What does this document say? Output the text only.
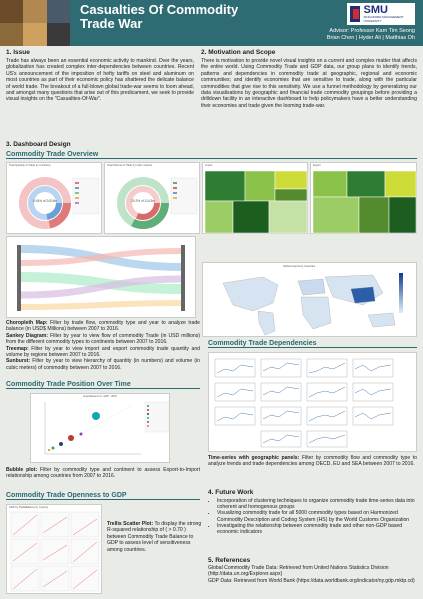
Casualties Of Commodity
Trade War
SMU
SINGAPORE MANAGEMENT UNIVERSITY
Advisor: Professor Kam Tim Seong
Brian Chen | Hyder Ali | Matthias Oh
1. Issue
Trade has always been an essential economic activity to mankind. Over the years, globalization has created complex inter-dependencies between countries. Recent US's announcement of the imposition of hefty tariffs on steel and aluminum on most countries as part of their economic policy has shattered the delicate balance of world trade. The breakout of a full-blown global trade-war seems to loom ahead, and amongst many questions that arise out of this predicament, we seek to provide visual insights on the "Casualties-Of-War".
2. Motivation and Scope
There is motivation to provide novel visual insights on a current and complex matter that affects the entire world. Using Commodity Trade and GDP data, our group plans to identify trends, patterns and dependencies in commodity trade at geographic, regional and economic communities; and identify economies that are sensitive to trade, along with the particular commodities that give rise to this sensitivity. We use a funnel methodology by generalizing our data visualisations by geographic and financial trade commodity groupings before providing a drilldown facility in an interactive dashboard to help policymakers have a better understanding their economies and trade given the looming trade-war.
3. Dashboard Design
Commodity Trade Overview
Total Quantity of Trade (in numbers)
6.94% of 245.8m
Total Volume of Trade (in cubic metres)
20.3% of 114.9m
Import	Export
Global Imports by Countries
Choropleth Map: Filter by trade flow, commodity type and year to analyze trade balance (in USD$ Millions) between 2007 to 2016.
Sankey Diagram: Filter by year to view flow of commodity Trade (in USD millions) from the different commodity types to continents between 2007 to 2016.
Treemap: Filter by year to view import and export commodity trade quantity and volume by regions between 2007 to 2016.
Sunburst: Filter by year to view hierarchy of quantity (in numbers) and volume (in cubic meters) of commodity between 2007 to 2016.
Commodity Trade Dependencies
Time-series with geographic panels: Filter by commodity flow and commodity type to analyze trends and trade dependencies among OECD, EU and SEA between 2007 to 2016.
Commodity Trade Position Over Time
Import/Export vs. GDP - 2007
Bubble plot: Filter by commodity type and continent to assess Export-to-Import relationship among countries from 2007 to 2016.
Commodity Trade Openness to GDP
GDP by TradeBalance by Country
Trellis Scatter Plot: To display the strong R-squared relationship of ( > 0.70 ) between Commodity Trade Balance to GDP to assess level of sensitiveness among countries.
4. Future Work
• Incorporation of clustering techniques to organize commodity trade time-series data into coherent and homogenous groups
• Visualizing commodity trade for all 5000 commodity types based on Harmonized Commodity Description and Coding System (HS) by the World Customs Organization
• Investigating the relationship between commodity trade and other non-GDP based economic indicators
5. References
Global Commodity Trade Data: Retrieved from United Nations Statistics Division (http://data.un.org/Explorer.aspx)
GDP Data: Retrieved from World Bank (https://data.worldbank.org/indicator/ny.gdp.mktp.cd)
